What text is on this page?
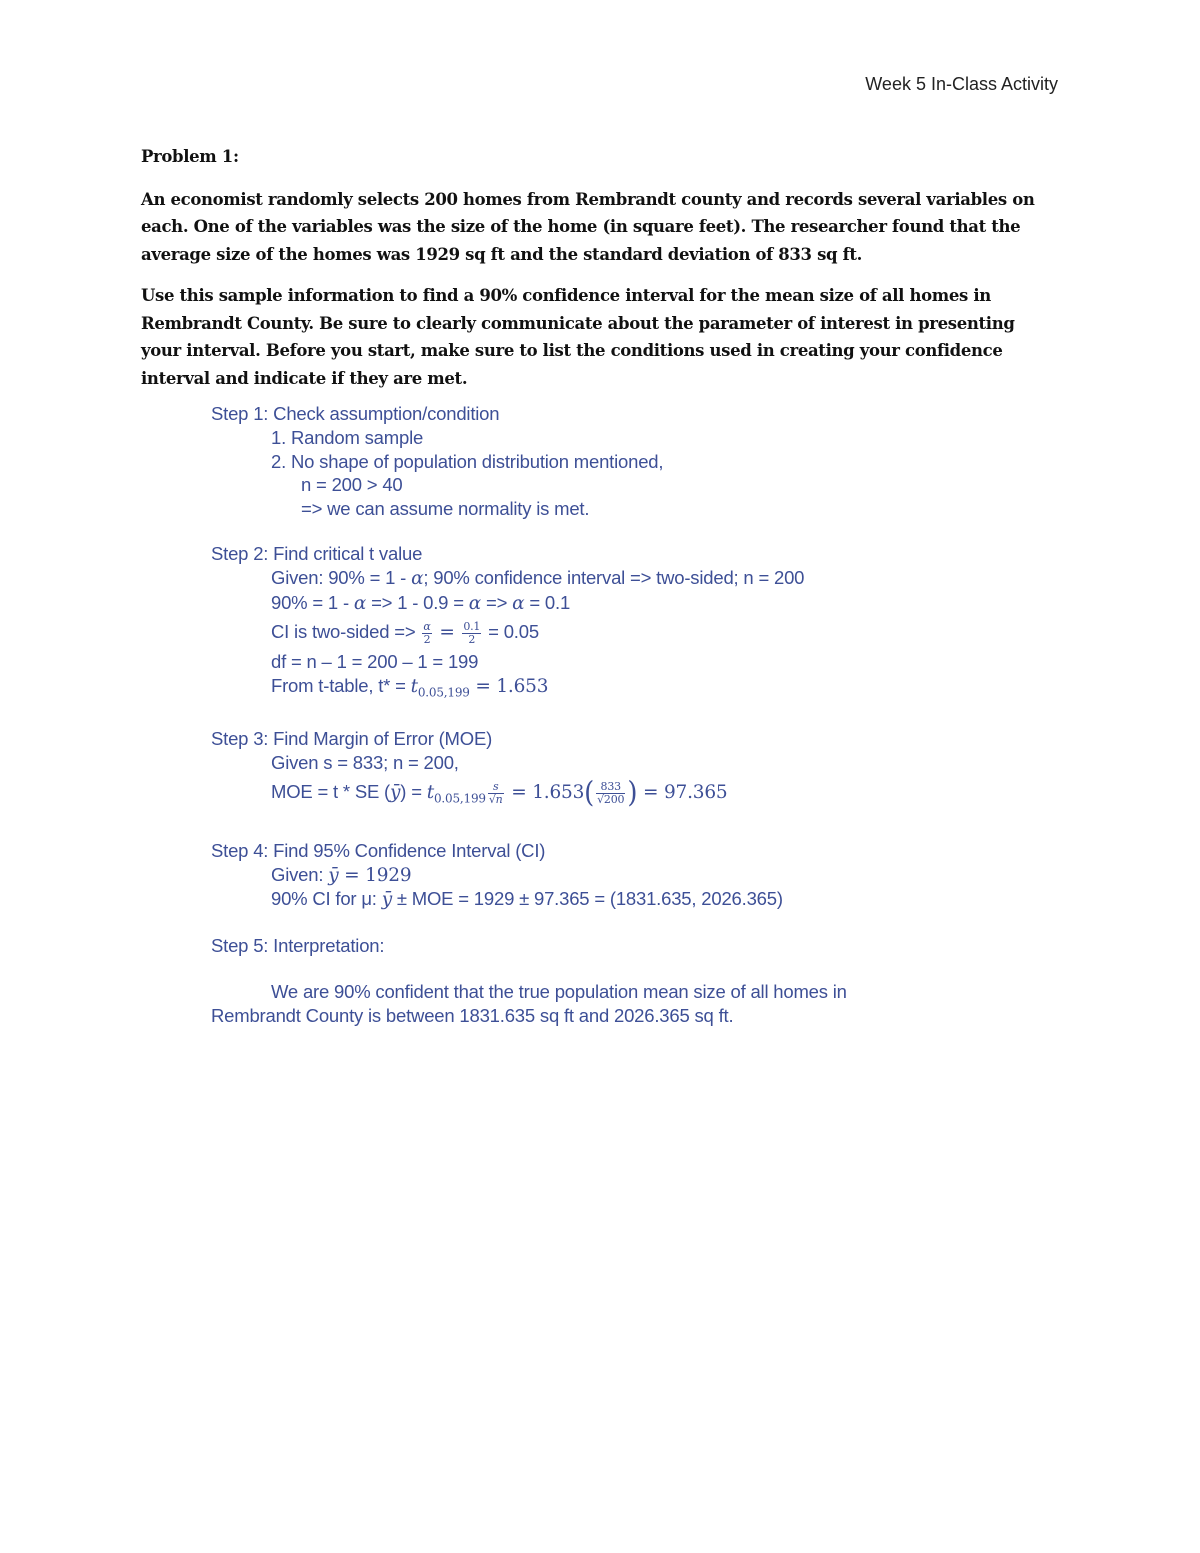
Week 5 In-Class Activity

Problem 1:

An economist randomly selects 200 homes from Rembrandt county and records several variables on each. One of the variables was the size of the home (in square feet). The researcher found that the average size of the homes was 1929 sq ft and the standard deviation of 833 sq ft.

Use this sample information to find a 90% confidence interval for the mean size of all homes in Rembrandt County. Be sure to clearly communicate about the parameter of interest in presenting your interval. Before you start, make sure to list the conditions used in creating your confidence interval and indicate if they are met.

Step 1: Check assumption/condition
1. Random sample
2. No shape of population distribution mentioned,
n = 200 > 40
=> we can assume normality is met.
Step 2: Find critical t value
Given: 90% = 1 - α; 90% confidence interval => two-sided; n = 200
90% = 1 - α => 1 - 0.9 = α => α = 0.1
CI is two-sided => $\frac{\alpha}{2} = \frac{0.1}{2} = 0.05$
df = n – 1 = 200 – 1 = 199
From t-table, $t* = t_{0.05,199} = 1.653$
Step 3: Find Margin of Error (MOE)
Given s = 833; n = 200,
MOE = t * SE (ȳ) = $t_{0.05,199} \frac{s}{√n} = 1.653( \frac{833}{√200}$ ) = 97.365
Step 4: Find 95% Confidence Interval (CI)
Given: ȳ = 1929
90% CI for μ: ȳ ± MOE = 1929 ± 97.365 = (1831.635, 2026.365)
Step 5: Interpretation:
We are 90% confident that the true population mean size of all homes in
Rembrandt County is between 1831.635 sq ft and 2026.365 sq ft.
